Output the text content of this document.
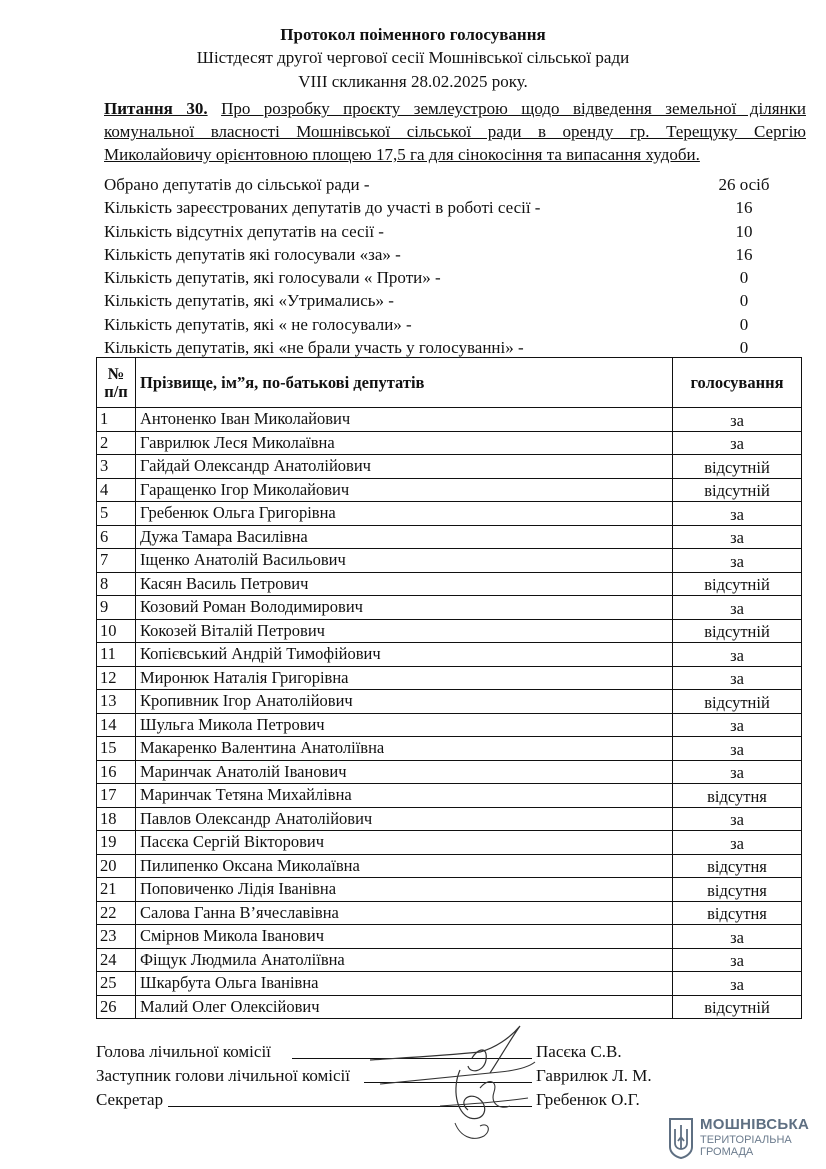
Протокол поіменного голосування
Шістдесят другої чергової сесії Мошнівської сільської ради
VIII скликання 28.02.2025 року.
Питання 30. Про розробку проєкту землеустрою щодо відведення земельної ділянки комунальної власності Мошнівської сільської ради в оренду гр. Терещуку Сергію Миколайовичу орієнтовною площею 17,5 га для сінокосіння та випасання худоби.
Обрано депутатів до сільської ради -	26 осіб
Кількість зареєстрованих депутатів до участі в роботі сесії -	16
Кількість відсутніх депутатів на сесії -	10
Кількість депутатів які голосували «за» -	16
Кількість депутатів, які голосували « Проти» -	0
Кількість депутатів, які «Утримались» -	0
Кількість депутатів, які « не голосували» -	0
Кількість депутатів, які «не брали участь у голосуванні» -	0
№
п/п	Прізвище, ім”я, по-батькові депутатів	голосування
1	Антоненко Іван Миколайович	за
2	Гаврилюк Леся Миколаївна	за
3	Гайдай Олександр Анатолійович	відсутній
4	Гаращенко Ігор Миколайович	відсутній
5	Гребенюк Ольга Григорівна	за
6	Дужа Тамара Василівна	за
7	Іщенко Анатолій Васильович	за
8	Касян Василь Петрович	відсутній
9	Козовий Роман Володимирович	за
10	Кокозей Віталій Петрович	відсутній
11	Копієвський Андрій Тимофійович	за
12	Миронюк Наталія Григорівна	за
13	Кропивник Ігор Анатолійович	відсутній
14	Шульга Микола Петрович	за
15	Макаренко Валентина Анатоліївна	за
16	Маринчак Анатолій Іванович	за
17	Маринчак Тетяна Михайлівна	відсутня
18	Павлов Олександр Анатолійович	за
19	Пасєка Сергій Вікторович	за
20	Пилипенко Оксана Миколаївна	відсутня
21	Поповиченко Лідія Іванівна	відсутня
22	Салова Ганна В’ячеславівна	відсутня
23	Смірнов Микола Іванович	за
24	Фіщук Людмила Анатоліївна	за
25	Шкарбута Ольга Іванівна	за
26	Малий Олег Олексійович	відсутній
Голова лічильної комісії	Пасєка С.В.
Заступник голови лічильної комісії	Гаврилюк Л. М.
Секретар	Гребенюк О.Г.
МОШНІВСЬКА
ТЕРИТОРІАЛЬНА
ГРОМАДА
